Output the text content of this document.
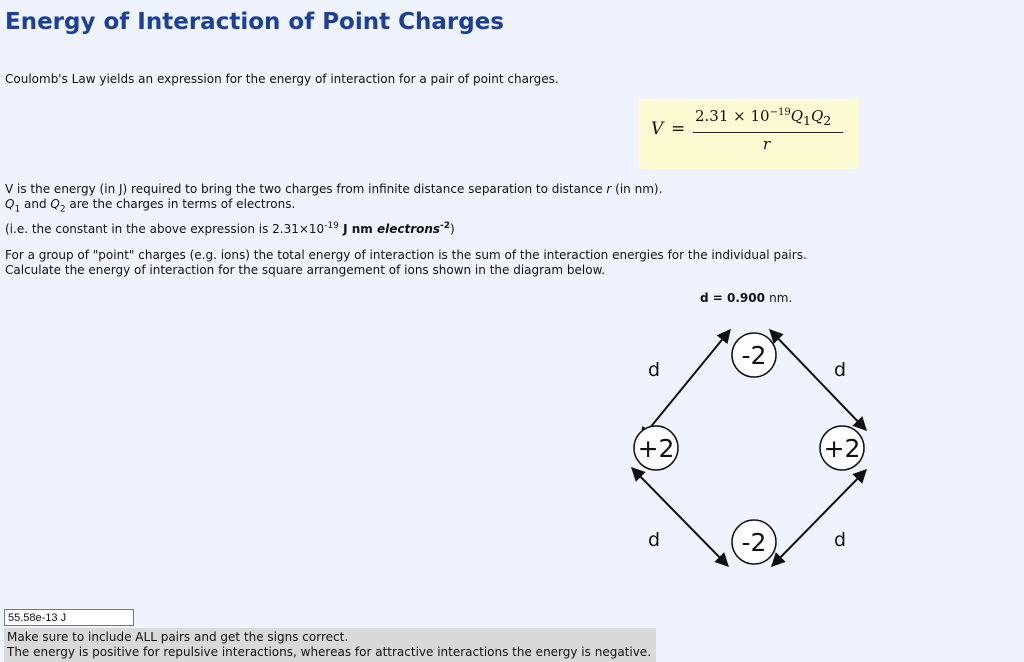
Energy of Interaction of Point Charges
Coulomb's Law yields an expression for the energy of interaction for a pair of point charges.
V =
$2.31 \times 10^{-19}Q_1Q_2$
r
V is the energy (in J) required to bring the two charges from infinite distance separation to distance r (in nm).
$Q_1$ and $Q_2$ are the charges in terms of electrons.
(i.e. the constant in the above expression is $2.31\times 10^{-19}$ J nm electrons$^{-2}$)
For a group of "point" charges (e.g. ions) the total energy of interaction is the sum of the interaction energies for the individual pairs.
Calculate the energy of interaction for the square arrangement of ions shown in the diagram below.
d = 0.900 nm.
-2
+2	+2
-2
d	d
d	d
55.58e-13 J
Make sure to include ALL pairs and get the signs correct.
The energy is positive for repulsive interactions, whereas for attractive interactions the energy is negative.
